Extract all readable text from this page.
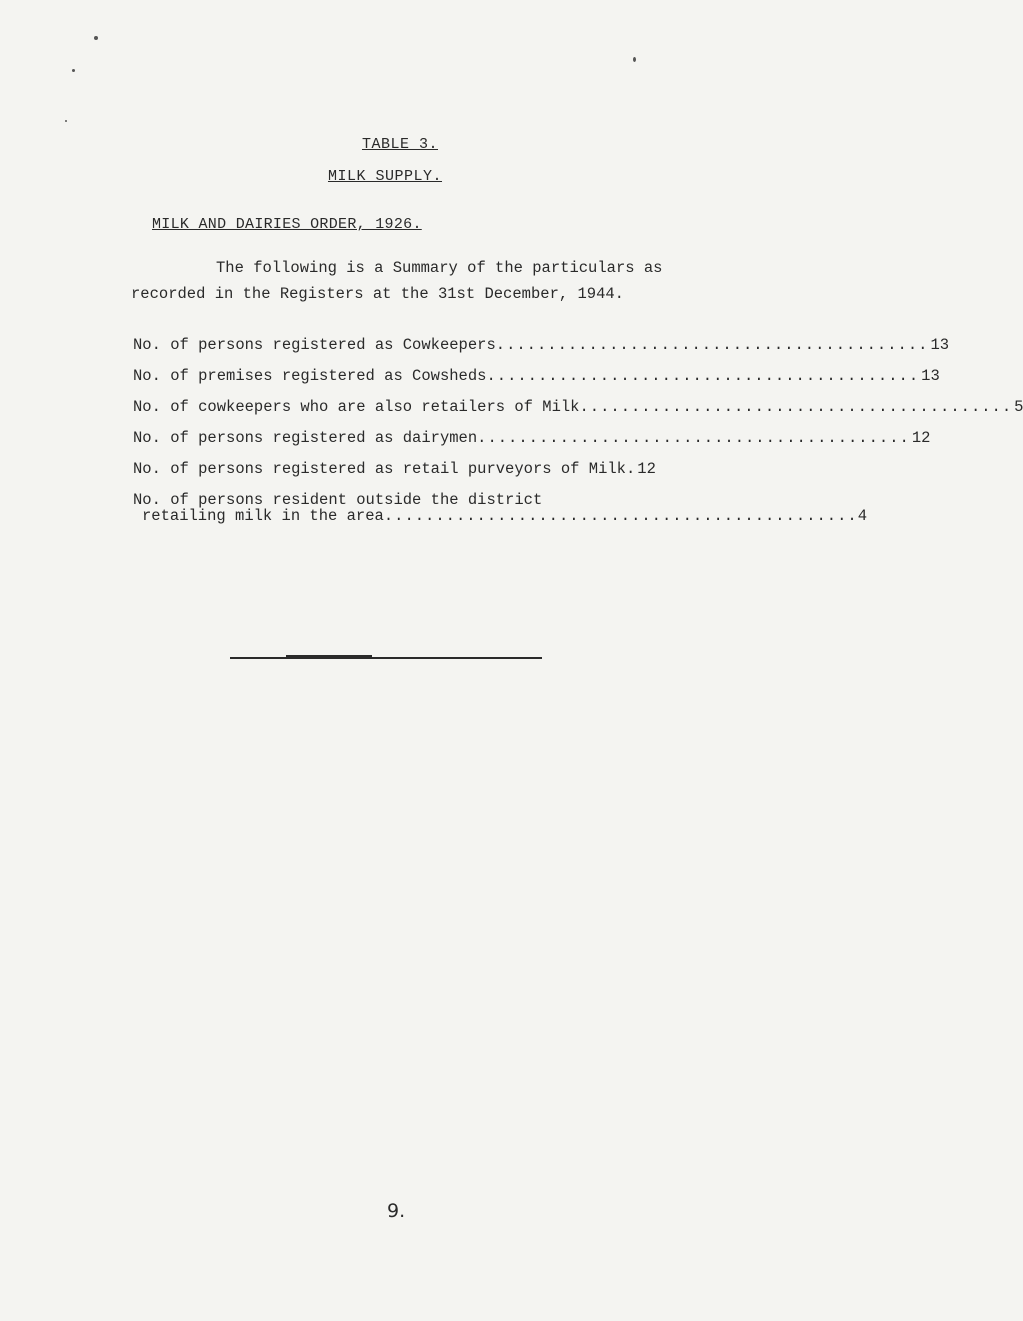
TABLE 3.
MILK SUPPLY.
MILK AND DAIRIES ORDER, 1926.
The following is a Summary of the particulars as
recorded in the Registers at the 31st December, 1944.
No. of persons registered as Cowkeepers .......................................... 13
No. of premises registered as Cowsheds .......................................... 13
No. of cowkeepers who are also retailers of Milk .......................................... 5
No. of persons registered as dairymen .......................................... 12
No. of persons registered as retail purveyors of Milk. 12
No. of persons resident outside the district
retailing milk in the area .............................................. 4
9.
